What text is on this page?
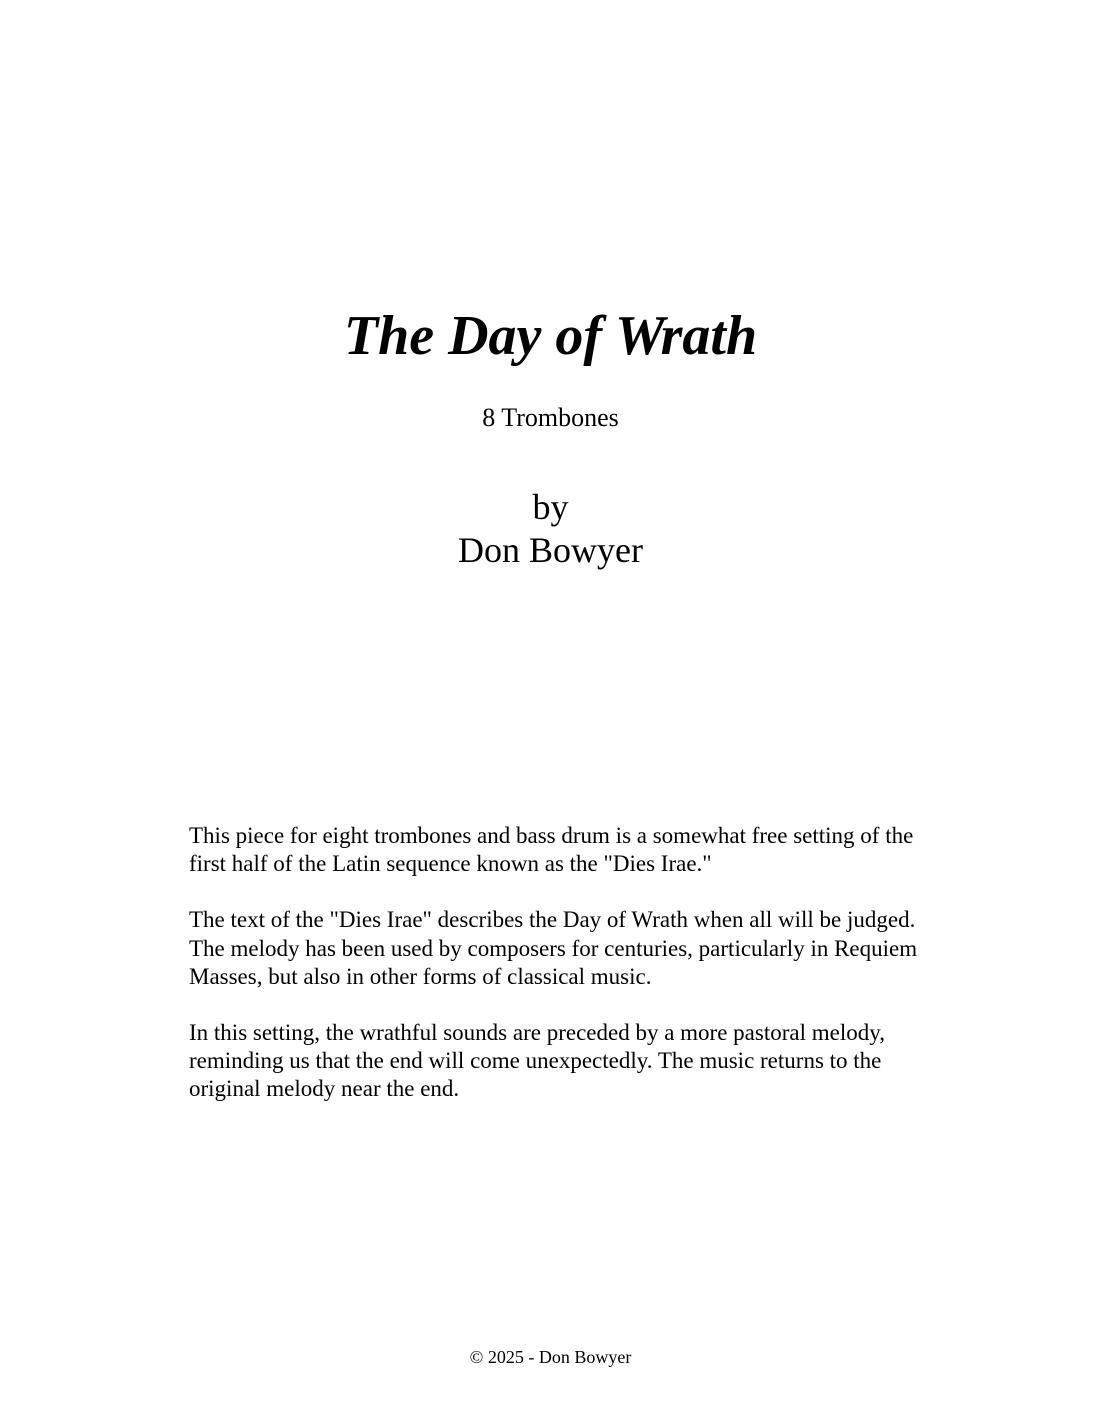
The Day of Wrath
8 Trombones
by
Don Bowyer

This piece for eight trombones and bass drum is a somewhat free setting of the first half of the Latin sequence known as the "Dies Irae."

The text of the "Dies Irae" describes the Day of Wrath when all will be judged. The melody has been used by composers for centuries, particularly in Requiem Masses, but also in other forms of classical music.

In this setting, the wrathful sounds are preceded by a more pastoral melody, reminding us that the end will come unexpectedly. The music returns to the original melody near the end.

© 2025 - Don Bowyer
